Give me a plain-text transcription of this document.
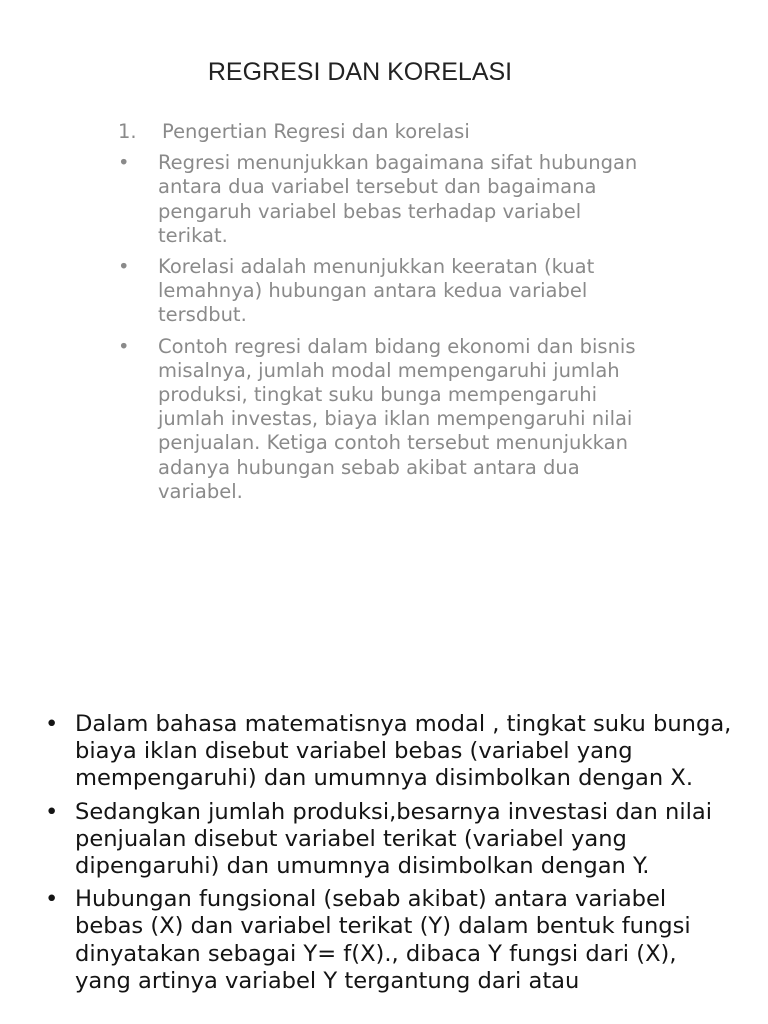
REGRESI DAN KORELASI
1.	Pengertian Regresi dan korelasi
•	Regresi menunjukkan bagaimana sifat hubungan antara dua variabel tersebut dan bagaimana pengaruh variabel bebas terhadap variabel terikat.
•	Korelasi adalah menunjukkan keeratan (kuat lemahnya) hubungan antara kedua variabel tersdbut.
•	Contoh regresi dalam bidang ekonomi dan bisnis misalnya, jumlah modal mempengaruhi jumlah produksi, tingkat suku bunga mempengaruhi jumlah investas, biaya iklan mempengaruhi nilai penjualan. Ketiga contoh tersebut menunjukkan adanya hubungan sebab akibat antara dua variabel.
• Dalam bahasa matematisnya modal , tingkat suku bunga, biaya iklan disebut variabel bebas (variabel yang mempengaruhi) dan umumnya disimbolkan dengan X.
• Sedangkan jumlah produksi,besarnya investasi dan nilai penjualan disebut variabel terikat (variabel yang dipengaruhi) dan umumnya disimbolkan dengan Y.
• Hubungan fungsional (sebab akibat) antara variabel bebas (X) dan variabel terikat (Y) dalam bentuk fungsi dinyatakan sebagai Y= f(X)., dibaca Y fungsi dari (X), yang artinya variabel Y tergantung dari atau
